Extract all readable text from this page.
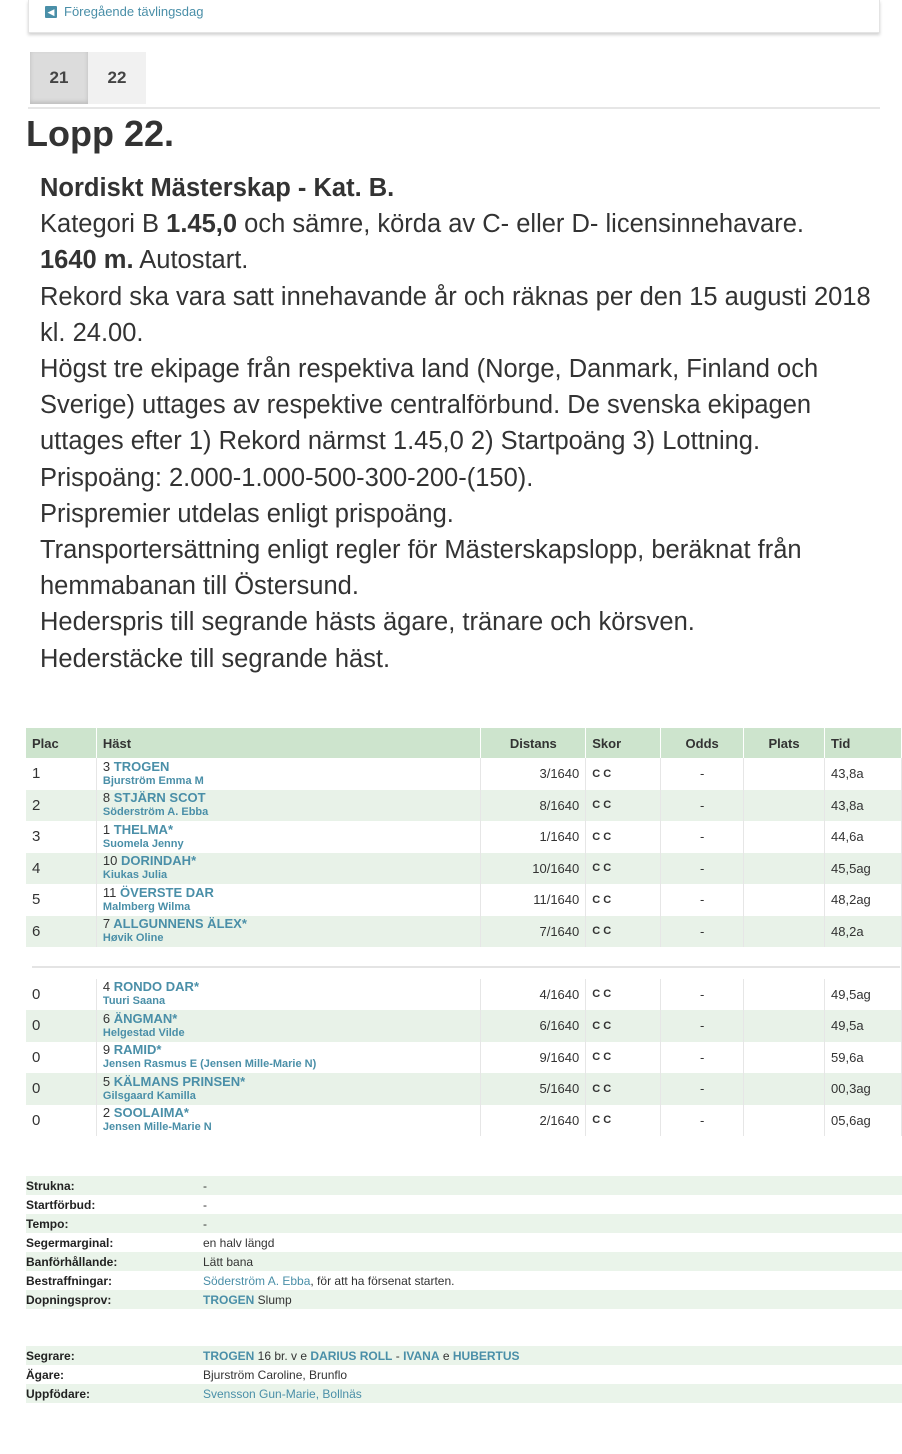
◀ Föregående tävlingsdag
21	22
Lopp 22.

Nordiskt Mästerskap - Kat. B.

Kategori B 1.45,0 och sämre, körda av C- eller D- licensinnehavare.

1640 m. Autostart.

Rekord ska vara satt innehavande år och räknas per den 15 augusti 2018 kl. 24.00.

Högst tre ekipage från respektiva land (Norge, Danmark, Finland och Sverige) uttages av respektive centralförbund. De svenska ekipagen uttages efter 1) Rekord närmst 1.45,0 2) Startpoäng 3) Lottning.

Prispoäng: 2.000-1.000-500-300-200-(150).

Prispremier utdelas enligt prispoäng.

Transportersättning enligt regler för Mästerskapslopp, beräknat från hemmabanan till Östersund.

Hederspris till segrande hästs ägare, tränare och körsven.

Hederstäcke till segrande häst.

Plac	Häst	Distans	Skor	Odds	Plats	Tid
1	3 TROGEN
Bjurström Emma M	3/1640	CC	-		43,8a
2	8 STJÄRN SCOT
Söderström A. Ebba	8/1640	CC	-		43,8a
3	1 THELMA*
Suomela Jenny	1/1640	CC	-		44,6a
4	10 DORINDAH*
Kiukas Julia	10/1640	CC	-		45,5ag
5	11 ÖVERSTE DAR
Malmberg Wilma	11/1640	CC	-		48,2ag
6	7 ALLGUNNENS ÄLEX*
Høvik Oline	7/1640	CC	-		48,2a

0	4 RONDO DAR*
Tuuri Saana	4/1640	CC	-		49,5ag
0	6 ÄNGMAN*
Helgestad Vilde	6/1640	CC	-		49,5a
0	9 RAMID*
Jensen Rasmus E (Jensen Mille-Marie N)	9/1640	CC	-		59,6a
0	5 KÄLMANS PRINSEN*
Gilsgaard Kamilla	5/1640	CC	-		00,3ag
0	2 SOOLAIMA*
Jensen Mille-Marie N	2/1640	CC	-		05,6ag
Strukna:	-
Startförbud:	-
Tempo:	-
Segermarginal:	en halv längd
Banförhållande:	Lätt bana
Bestraffningar:	Söderström A. Ebba, för att ha försenat starten.
Dopningsprov:	TROGEN Slump
Segrare:	TROGEN 16 br. v e DARIUS ROLL - IVANA e HUBERTUS
Ägare:	Bjurström Caroline, Brunflo
Uppfödare:	Svensson Gun-Marie, Bollnäs
